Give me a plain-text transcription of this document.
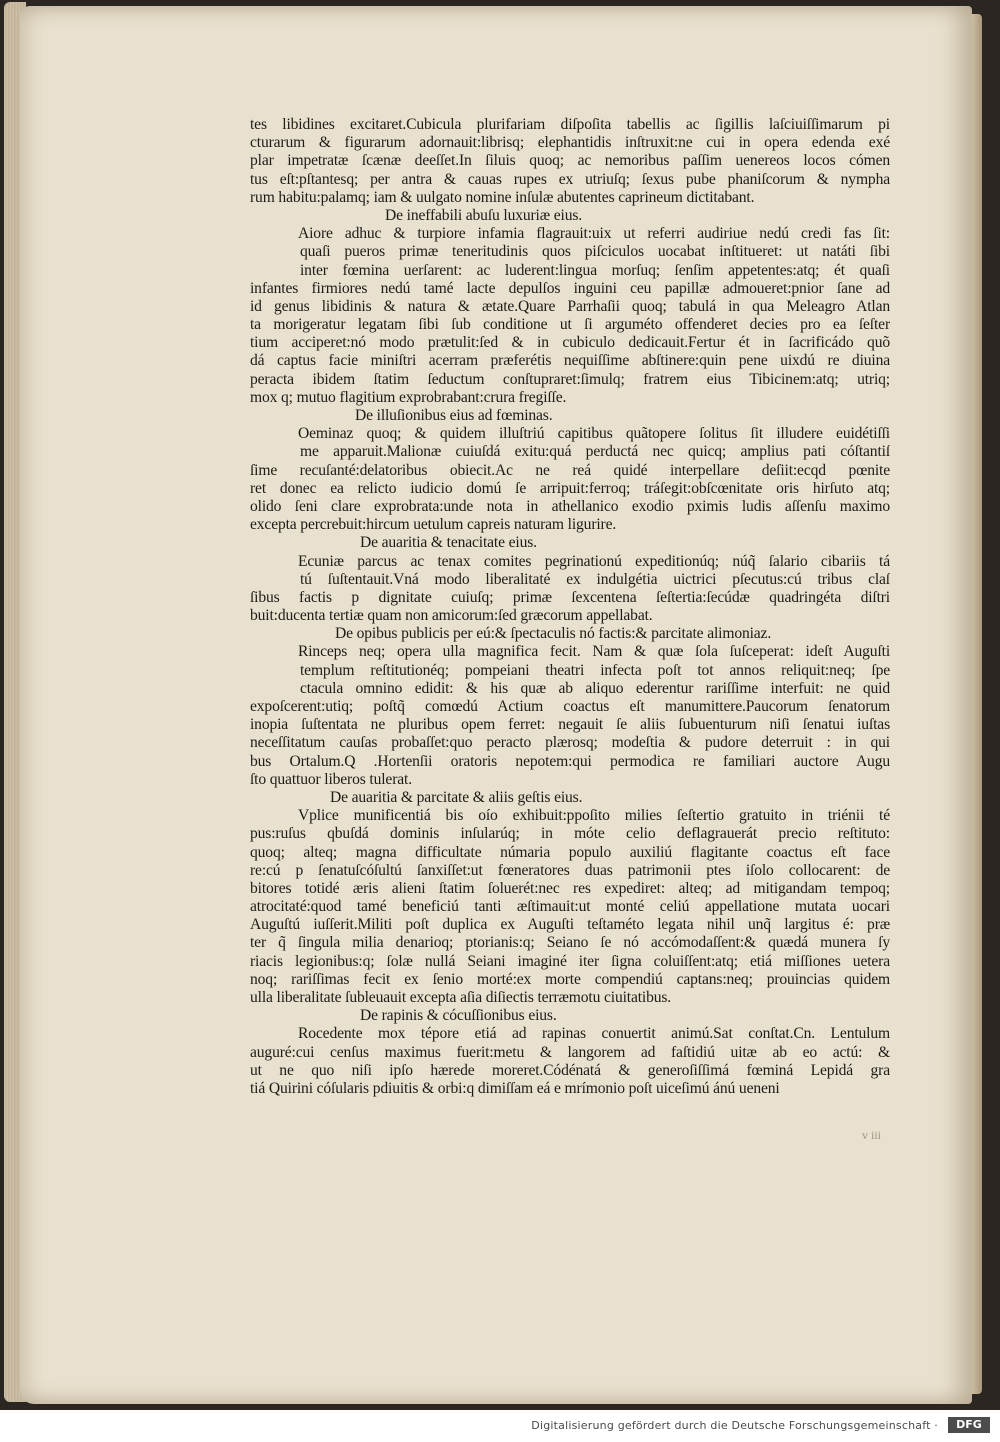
tes libidines excitaret.Cubicula plurifariam diſpoſita tabellis ac ſigillis laſciuiſſimarum pi
cturarum & figurarum adornauit:librisq; elephantidis inſtruxit:ne cui in opera edenda exé
plar impetratæ ſcænæ deeſſet.In ſiluis quoq; ac nemoribus paſſim uenereos locos cómen
tus eſt:pſtantesq; per antra & cauas rupes ex utriuſq; ſexus pube phaniſcorum & nympha
rum habitu:palamq; iam & uulgato nomine inſulæ abutentes caprineum dictitabant.
De ineffabili abuſu luxuriæ eius.
Aiore adhuc & turpiore infamia flagrauit:uix ut referri audiriue nedú credi fas ſit:
quaſi pueros primæ teneritudinis quos piſciculos uocabat inſtitueret: ut natáti ſibi
inter fœmina uerſarent: ac luderent:lingua morſuq; ſenſim appetentes:atq; ét quaſi
infantes firmiores nedú tamé lacte depulſos inguini ceu papillæ admoueret:pnior ſane ad
id genus libidinis & natura & ætate.Quare Parrhaſii quoq; tabulá in qua Meleagro Atlan
ta morigeratur legatam ſibi ſub conditione ut ſi arguméto offenderet decies pro ea ſeſter
tium acciperet:nó modo prætulit:ſed & in cubiculo dedicauit.Fertur ét in ſacrificádo quõ
dá captus facie miniſtri acerram præferétis nequiſſime abſtinere:quin pene uixdú re diuina
peracta ibidem ſtatim ſeductum conſtupraret:ſimulq; fratrem eius Tibicinem:atq; utriq;
mox q; mutuo flagitium exprobrabant:crura fregiſſe.
De illuſionibus eius ad fœminas.
Oeminaz quoq; & quidem illuſtriú capitibus quãtopere ſolitus ſit illudere euidétiſſi
me apparuit.Malionæ cuiuſdá exitu:quá perductá nec quicq; amplius pati cóſtantiſ
ſime recuſanté:delatoribus obiecit.Ac ne reá quidé interpellare deſiit:ecqd pœnite
ret donec ea relicto iudicio domú ſe arripuit:ferroq; tráſegit:obſcœnitate oris hirſuto atq;
olido ſeni clare exprobrata:unde nota in athellanico exodio pximis ludis aſſenſu maximo
excepta percrebuit:hircum uetulum capreis naturam ligurire.
De auaritia & tenacitate eius.
Ecuniæ parcus ac tenax comites pegrinationú expeditionúq; núq̃ ſalario cibariis tá
tú ſuſtentauit.Vná modo liberalitaté ex indulgétia uictrici pſecutus:cú tribus claſ
ſibus factis p dignitate cuiuſq; primæ ſexcentena ſeſtertia:ſecúdæ quadringéta diſtri
buit:ducenta tertiæ quam non amicorum:ſed græcorum appellabat.
De opibus publicis per eú:& ſpectaculis nó factis:& parcitate alimoniaz.
Rinceps neq; opera ulla magnifica fecit. Nam & quæ ſola ſuſceperat: ideſt Auguſti
templum reſtitutionéq; pompeiani theatri infecta poſt tot annos reliquit:neq; ſpe
ctacula omnino edidit: & his quæ ab aliquo ederentur rariſſime interfuit: ne quid
expoſcerent:utiq; poſtq̃ comœdú Actium coactus eſt manumittere.Paucorum ſenatorum
inopia ſuſtentata ne pluribus opem ferret: negauit ſe aliis ſubuenturum niſi ſenatui iuſtas
neceſſitatum cauſas probaſſet:quo peracto plærosq; modeſtia & pudore deterruit : in qui
bus Ortalum.Q .Hortenſii oratoris nepotem:qui permodica re familiari auctore Augu
ſto quattuor liberos tulerat.
De auaritia & parcitate & aliis geſtis eius.
Vplice munificentiá bis oío exhibuit:ppoſito milies ſeſtertio gratuito in triénii té
pus:ruſus qbuſdá dominis inſularúq; in móte celio deflagrauerát precio reſtituto:
quoq; alteq; magna difficultate númaria populo auxiliú flagitante coactus eſt face
re:cú p ſenatuſcóſultú ſanxiſſet:ut fœneratores duas patrimonii ptes iſolo collocarent: de
bitores totidé æris alieni ſtatim ſoluerét:nec res expediret: alteq; ad mitigandam tempoq;
atrocitaté:quod tamé beneficiú tanti æſtimauit:ut monté celiú appellatione mutata uocari
Auguſtú iuſſerit.Militi poſt duplica ex Auguſti teſtaméto legata nihil unq̃ largitus é: præ
ter q̃ ſingula milia denarioq; ptorianis:q; Seiano ſe nó accómodaſſent:& quædá munera ſy
riacis legionibus:q; ſolæ nullá Seiani imaginé iter ſigna coluiſſent:atq; etiá miſſiones uetera
noq; rariſſimas fecit ex ſenio morté:ex morte compendiú captans:neq; prouincias quidem
ulla liberalitate ſubleuauit excepta aſia diſiectis terræmotu ciuitatibus.
De rapinis & cócuſſionibus eius.
Rocedente mox tépore etiá ad rapinas conuertit animú.Sat conſtat.Cn. Lentulum
auguré:cui cenſus maximus fuerit:metu & langorem ad faſtidiú uitæ ab eo actú: &
ut ne quo niſi ipſo hærede moreret.Códénatá & generoſiſſimá fœminá Lepidá gra
tiá Quirini cóſularis pdiuitis & orbi:q dimiſſam eá e mrímonio poſt uiceſimú ánú ueneni
v iii
Digitalisierung gefördert durch die Deutsche Forschungsgemeinschaft ·	DFG
